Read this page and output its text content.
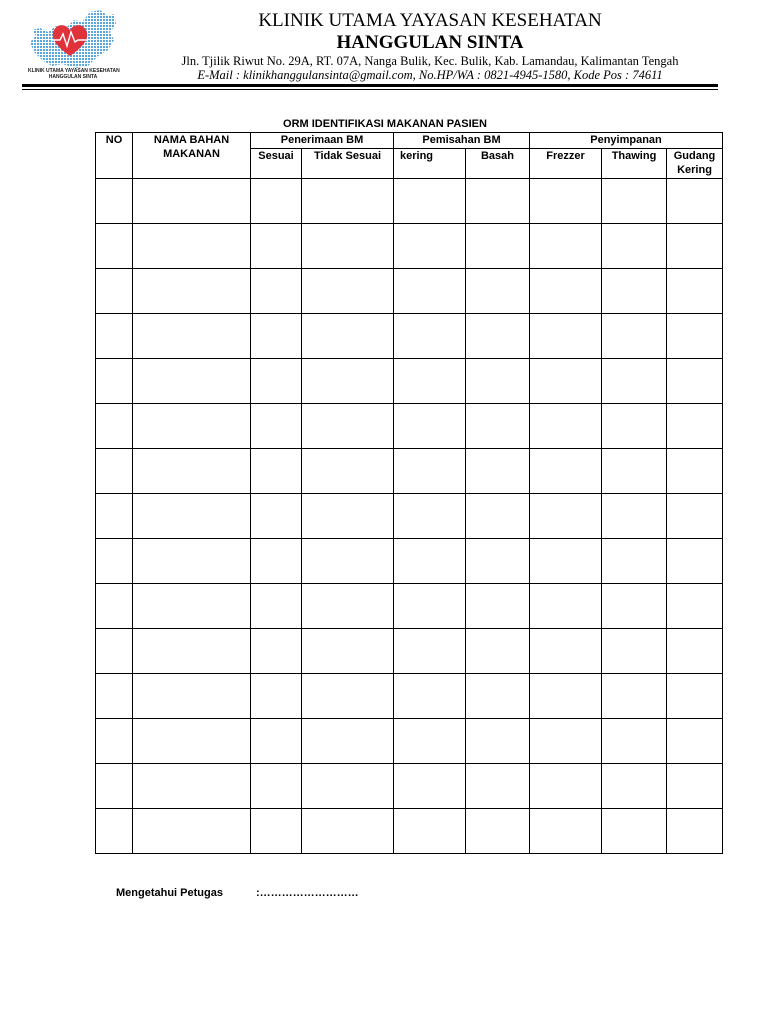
KLINIK UTAMA YAYASAN KESEHATAN
HANGGULAN SINTA
KLINIK UTAMA YAYASAN KESEHATAN
HANGGULAN SINTA
Jln. Tjilik Riwut No. 29A, RT. 07A, Nanga Bulik, Kec. Bulik, Kab. Lamandau, Kalimantan Tengah
E-Mail : klinikhanggulansinta@gmail.com, No.HP/WA : 0821-4945-1580, Kode Pos : 74611
ORM IDENTIFIKASI MAKANAN PASIEN
NO	NAMA BAHAN MAKANAN	Penerimaan BM		Pemisahan BM		Penyimpanan		
		Sesuai	Tidak Sesuai	kering	Basah	Frezzer	Thawing	Gudang Kering

Mengetahui Petugas	:………………………
